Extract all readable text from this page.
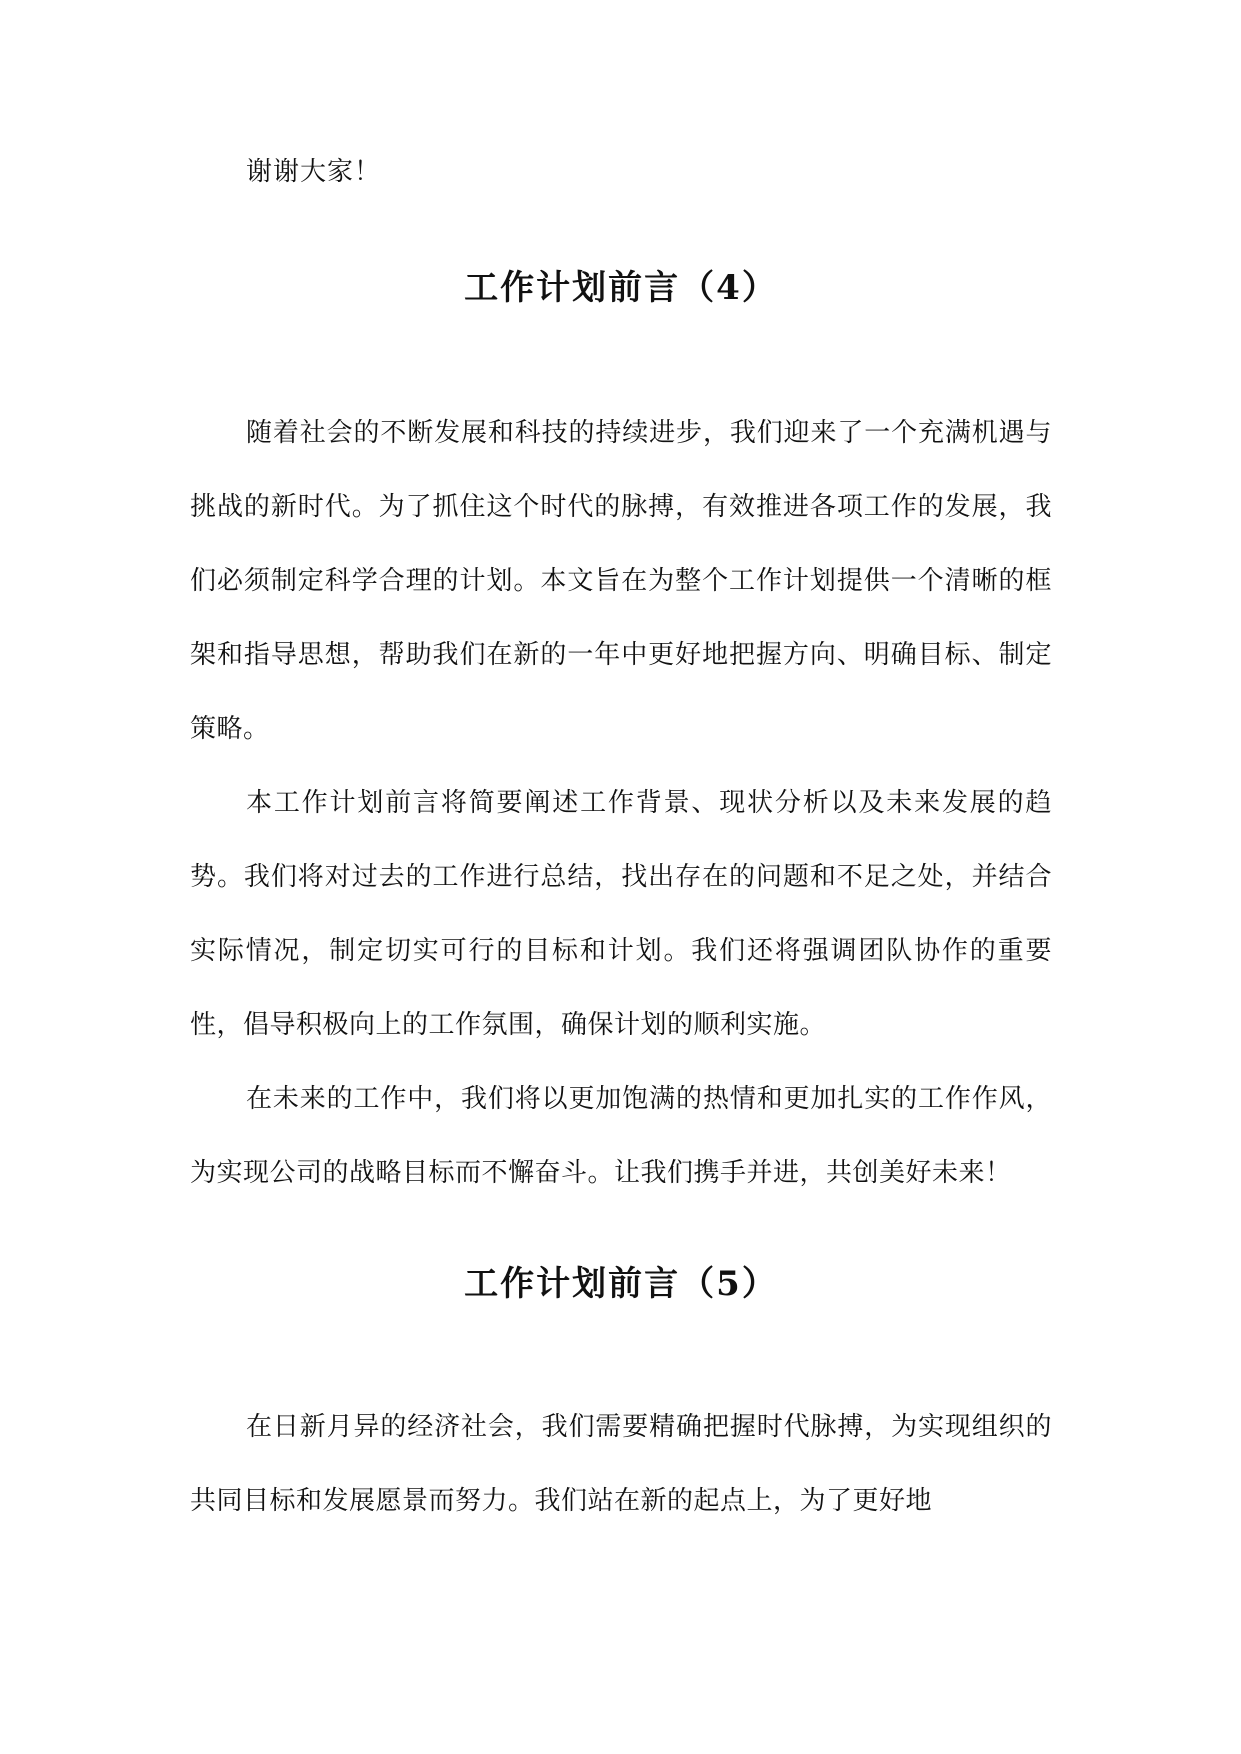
谢谢大家！

工作计划前言（4）

随着社会的不断发展和科技的持续进步，我们迎来了一个充满机遇与挑战的新时代。为了抓住这个时代的脉搏，有效推进各项工作的发展，我们必须制定科学合理的计划。本文旨在为整个工作计划提供一个清晰的框架和指导思想，帮助我们在新的一年中更好地把握方向、明确目标、制定策略。

本工作计划前言将简要阐述工作背景、现状分析以及未来发展的趋势。我们将对过去的工作进行总结，找出存在的问题和不足之处，并结合实际情况，制定切实可行的目标和计划。我们还将强调团队协作的重要性，倡导积极向上的工作氛围，确保计划的顺利实施。

在未来的工作中，我们将以更加饱满的热情和更加扎实的工作作风，为实现公司的战略目标而不懈奋斗。让我们携手并进，共创美好未来！

工作计划前言（5）

在日新月异的经济社会，我们需要精确把握时代脉搏，为实现组织的共同目标和发展愿景而努力。我们站在新的起点上，为了更好地
